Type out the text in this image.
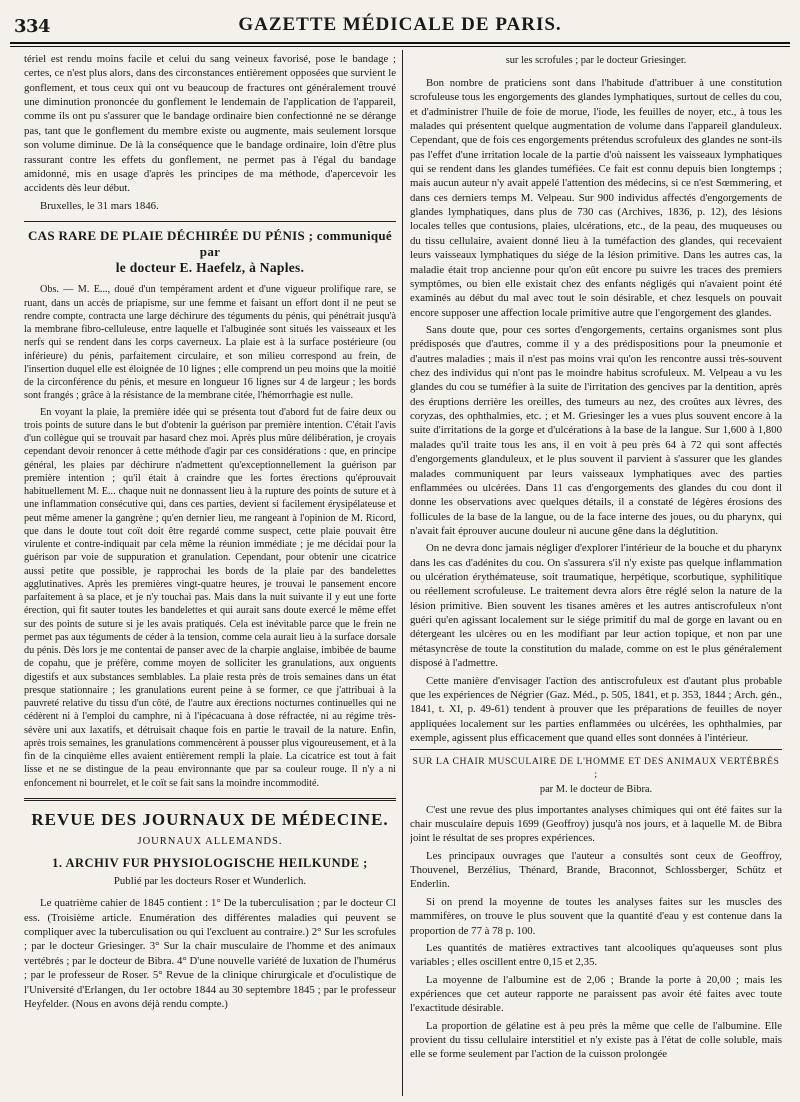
334	GAZETTE MÉDICALE DE PARIS.

tériel est rendu moins facile et celui du sang veineux favorisé, pose le bandage ; certes, ce n'est plus alors, dans des circonstances entièrement opposées que survient le gonflement, et tous ceux qui ont vu beaucoup de fractures ont généralement trouvé une diminution prononcée du gonflement le lendemain de l'application de l'appareil, comme ils ont pu s'assurer que le bandage ordinaire bien confectionné ne se dérange pas, tant que le gonflement du membre existe ou augmente, mais seulement lorsque son volume diminue. De là la conséquence que le bandage ordinaire, loin d'être plus rassurant contre les effets du gonflement, ne permet pas à l'égal du bandage amidonné, mis en usage d'après les principes de ma méthode, d'apercevoir les accidents dès leur début.

Bruxelles, le 31 mars 1846.

CAS RARE DE PLAIE DÉCHIRÉE DU PÉNIS ; communiqué par
le docteur E. Haefelz, à Naples.

Obs. — M. E..., doué d'un tempérament ardent et d'une vigueur prolifique rare, se ruant, dans un accès de priapisme, sur une femme et faisant un effort dont il ne peut se rendre compte, contracta une large déchirure des téguments du pénis, qui pénétrait jusqu'à la membrane fibro-celluleuse, entre laquelle et l'albuginée sont situés les vaisseaux et les nerfs qui se rendent dans les corps caverneux. La plaie est à la surface postérieure (ou inférieure) du pénis, parfaitement circulaire, et son milieu correspond au frein, de l'insertion duquel elle est éloignée de 10 lignes ; elle comprend un peu moins que la moitié de la circonférence du pénis, et mesure en longueur 16 lignes sur 4 de largeur ; les bords sont frangés ; grâce à la résistance de la membrane citée, l'hémorrhagie est nulle.

En voyant la plaie, la première idée qui se présenta tout d'abord fut de faire deux ou trois points de suture dans le but d'obtenir la guérison par première intention. C'était l'avis d'un collègue qui se trouvait par hasard chez moi. Après plus mûre délibération, je croyais cependant devoir renoncer à cette méthode d'agir par ces considérations : que, en principe général, les plaies par déchirure n'admettent qu'exceptionnellement la guérison par première intention ; qu'il était à craindre que les fortes érections qu'éprouvait habituellement M. E... chaque nuit ne donnassent lieu à la rupture des points de suture et à une inflammation consécutive qui, dans ces parties, devient si facilement érysipélateuse et peut même amener la gangrène ; qu'en dernier lieu, me rangeant à l'opinion de M. Ricord, que dans le doute tout coït doit être regardé comme suspect, cette plaie pouvait être virulente et contre-indiquait par cela même la réunion immédiate ; je me décidai pour la guérison par voie de suppuration et granulation. Cependant, pour obtenir une cicatrice aussi petite que possible, je rapprochai les bords de la plaie par des bandelettes agglutinatives. Après les premières vingt-quatre heures, je trouvai le pansement encore parfaitement à sa place, et je n'y touchai pas. Mais dans la nuit suivante il y eut une forte érection, qui fit sauter toutes les bandelettes et qui aurait sans doute exercé le même effet sur des points de suture si je les avais pratiqués. Cela est inévitable parce que le frein ne permet pas aux téguments de céder à la tension, comme cela aurait lieu à la surface dorsale du pénis. Dès lors je me contentai de panser avec de la charpie anglaise, imbibée de baume de copahu, que je préfère, comme moyen de solliciter les granulations, aux onguents digestifs et aux substances semblables. La plaie resta près de trois semaines dans un état presque stationnaire ; les granulations eurent peine à se former, ce que j'attribuai à la pauvreté relative du tissu d'un côté, de l'autre aux érections nocturnes continuelles qui ne cédèrent ni à l'emploi du camphre, ni à l'ipécacuana à dose réfractée, ni au régime très-sévère uni aux laxatifs, et détruisait chaque fois en partie le travail de la nature. Enfin, après trois semaines, les granulations commencèrent à pousser plus vigoureusement, et à la fin de la cinquième elles avaient entièrement rempli la plaie. La cicatrice est tout à fait lisse et ne se distingue de la peau environnante que par sa couleur rouge. Il n'y a ni enfoncement ni bourrelet, et le coït se fait sans la moindre incommodité.

REVUE DES JOURNAUX DE MÉDECINE.
JOURNAUX ALLEMANDS.
1. ARCHIV FUR PHYSIOLOGISCHE HEILKUNDE ;
Publié par les docteurs Roser et Wunderlich.

Le quatrième cahier de 1845 contient : 1° De la tuberculisation ; par le docteur Cl ess. (Troisième article. Enumération des différentes maladies qui peuvent se compliquer avec la tuberculisation ou qui l'excluent au contraire.) 2° Sur les scrofules ; par le docteur Griesinger. 3° Sur la chair musculaire de l'homme et des animaux vertébrés ; par le docteur de Bibra. 4° D'une nouvelle variété de luxation de l'humérus ; par le professeur de Roser. 5° Revue de la clinique chirurgicale et d'oculistique de l'Université d'Erlangen, du 1er octobre 1844 au 30 septembre 1845 ; par le professeur Heyfelder. (Nous en avons déjà rendu compte.)

sur les scrofules ; par le docteur Griesinger.

Bon nombre de praticiens sont dans l'habitude d'attribuer à une constitution scrofuleuse tous les engorgements des glandes lymphatiques, surtout de celles du cou, et d'administrer l'huile de foie de morue, l'iode, les feuilles de noyer, etc., à tous les malades qui présentent quelque augmentation de volume dans l'appareil glanduleux. Cependant, que de fois ces engorgements prétendus scrofuleux des glandes ne sont-ils pas l'effet d'une irritation locale de la partie d'où naissent les vaisseaux lymphatiques qui se rendent dans les glandes tuméfiées. Ce fait est connu depuis bien longtemps ; mais aucun auteur n'y avait appelé l'attention des médecins, si ce n'est Sœmmering, et dans ces derniers temps M. Velpeau. Sur 900 individus affectés d'engorgements de glandes lymphatiques, dans plus de 730 cas (Archives, 1836, p. 12), des lésions locales telles que contusions, plaies, ulcérations, etc., de la peau, des muqueuses ou du tissu cellulaire, avaient donné lieu à la tuméfaction des glandes, qui recevaient leurs vaisseaux lymphatiques du siége de la lésion primitive. Dans les autres cas, la maladie était trop ancienne pour qu'on eût encore pu suivre les traces des premiers symptômes, ou bien elle existait chez des enfants négligés qui n'avaient point été examinés au début du mal avec tout le soin désirable, et chez lesquels on pouvait encore supposer une affection locale primitive autre que l'engorgement des glandes.

Sans doute que, pour ces sortes d'engorgements, certains organismes sont plus prédisposés que d'autres, comme il y a des prédispositions pour la pneumonie et d'autres maladies ; mais il n'est pas moins vrai qu'on les rencontre aussi très-souvent chez des individus qui n'ont pas le moindre habitus scrofuleux. M. Velpeau a vu les glandes du cou se tuméfier à la suite de l'irritation des gencives par la dentition, après des éruptions derrière les oreilles, des tumeurs au nez, des croûtes aux lèvres, des coryzas, des ophthalmies, etc. ; et M. Griesinger les a vues plus souvent encore à la suite d'irritations de la gorge et d'ulcérations à la base de la langue. Sur 1,600 à 1,800 malades qu'il traite tous les ans, il en voit à peu près 64 à 72 qui sont affectés d'engorgements glanduleux, et le plus souvent il parvient à s'assurer que les glandes malades communiquent par leurs vaisseaux lymphatiques avec des parties enflammées ou ulcérées. Dans 11 cas d'engorgements des glandes du cou dont il donne les observations avec quelques détails, il a constaté de légères érosions des follicules de la base de la langue, ou de la face interne des joues, ou du pharynx, qui n'avait fait éprouver aucune douleur ni aucune gêne dans la déglutition.

On ne devra donc jamais négliger d'explorer l'intérieur de la bouche et du pharynx dans les cas d'adénites du cou. On s'assurera s'il n'y existe pas quelque inflammation ou ulcération érythémateuse, soit traumatique, herpétique, scorbutique, syphilitique ou réellement scrofuleuse. Le traitement devra alors être réglé selon la nature de la lésion primitive. Bien souvent les tisanes amères et les autres antiscrofuleux n'ont guéri qu'en agissant localement sur le siége primitif du mal de gorge en lavant ou en détergeant les ulcères ou en les modifiant par leur action topique, et non par une métasyncrèse de toute la constitution du malade, comme on est le plus généralement disposé à l'admettre.

Cette manière d'envisager l'action des antiscrofuleux est d'autant plus probable que les expériences de Négrier (Gaz. Méd., p. 505, 1841, et p. 353, 1844 ; Arch. gén., 1841, t. XI, p. 49-61) tendent à prouver que les préparations de feuilles de noyer appliquées localement sur les parties enflammées ou ulcérées, les ophthalmies, par exemple, agissent plus efficacement que quand elles sont données à l'intérieur.

SUR LA CHAIR MUSCULAIRE DE L'HOMME ET DES ANIMAUX VERTÉBRÉS ;
par M. le docteur de Bibra.

C'est une revue des plus importantes analyses chimiques qui ont été faites sur la chair musculaire depuis 1699 (Geoffroy) jusqu'à nos jours, et à laquelle M. de Bibra joint le résultat de ses propres expériences.

Les principaux ouvrages que l'auteur a consultés sont ceux de Geoffroy, Thouvenel, Berzélius, Thénard, Brande, Braconnot, Schlossberger, Schütz et Enderlin.

Si on prend la moyenne de toutes les analyses faites sur les muscles des mammifères, on trouve le plus souvent que la quantité d'eau y est contenue dans la proportion de 77 à 78 p. 100.

Les quantités de matières extractives tant alcooliques qu'aqueuses sont plus variables ; elles oscillent entre 0,15 et 2,35.

La moyenne de l'albumine est de 2,06 ; Brande la porte à 20,00 ; mais les expériences que cet auteur rapporte ne paraissent pas avoir été faites avec toute l'exactitude désirable.

La proportion de gélatine est à peu près la même que celle de l'albumine. Elle provient du tissu cellulaire interstitiel et n'y existe pas à l'état de colle soluble, mais elle se forme seulement par l'action de la cuisson prolongée
